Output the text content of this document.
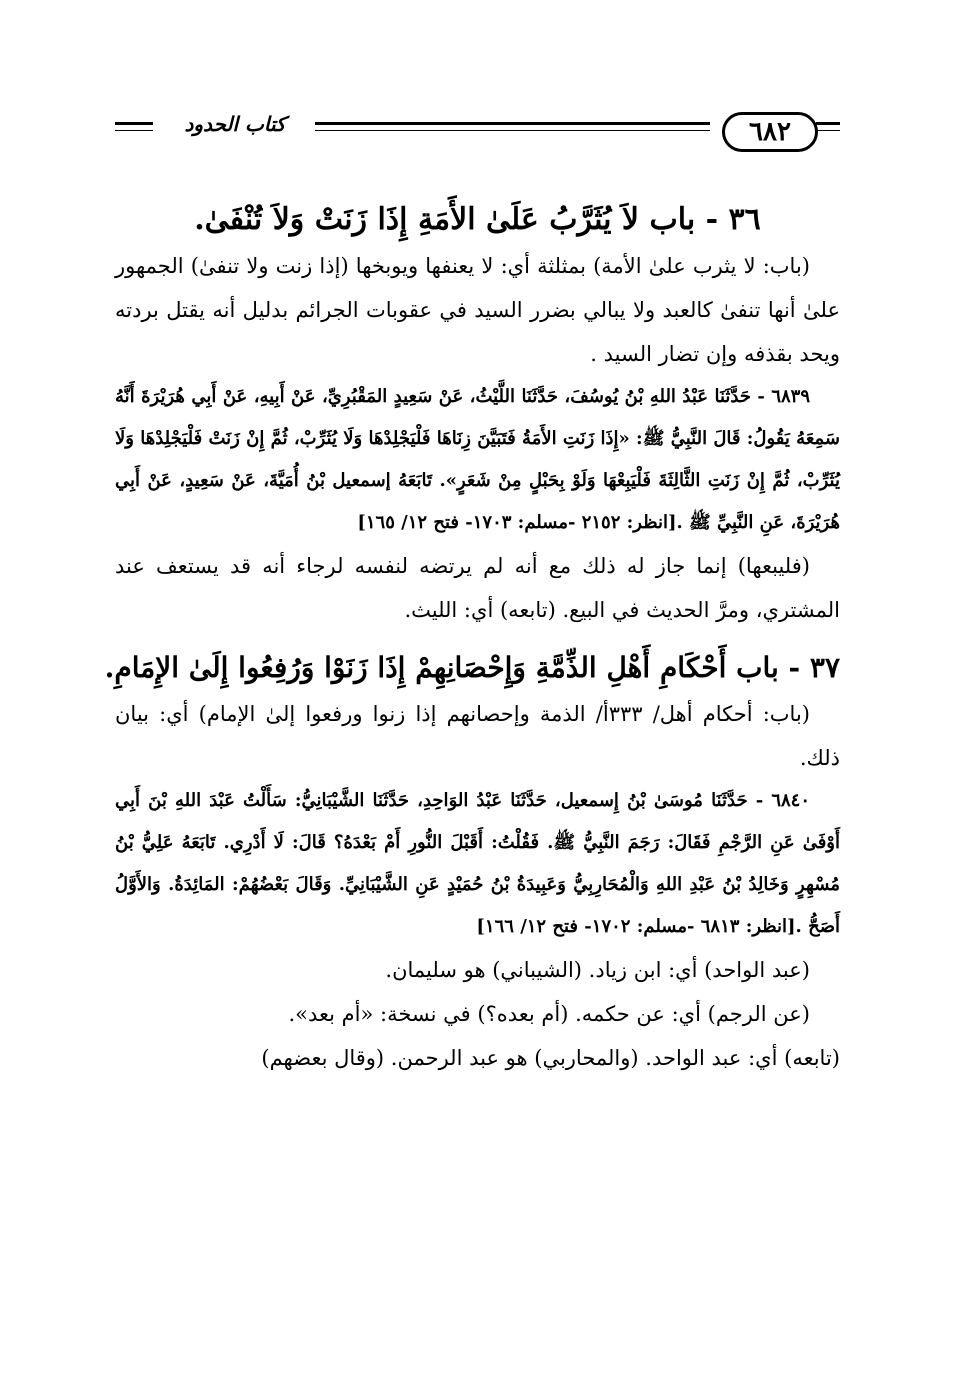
كتاب الحدود	٦٨٢
٣٦ - باب لاَ يُثَرَّبُ عَلَىٰ الأَمَةِ إِذَا زَنَتْ وَلاَ تُنْفَىٰ.

(باب: لا يثرب علىٰ الأمة) بمثلثة أي: لا يعنفها ويوبخها (إذا زنت ولا تنفىٰ) الجمهور علىٰ أنها تنفىٰ كالعبد ولا يبالي بضرر السيد في عقوبات الجرائم بدليل أنه يقتل بردته ويحد بقذفه وإن تضار السيد .

٦٨٣٩ - حَدَّثَنَا عَبْدُ اللهِ بْنُ يُوسُفَ، حَدَّثَنَا اللَّيْثُ، عَنْ سَعِيدٍ المَقْبُرِيِّ، عَنْ أَبِيهِ، عَنْ أَبِي هُرَيْرَةَ أَنَّهُ سَمِعَهُ يَقُولُ: قَالَ النَّبِيُّ ﷺ: «إِذَا زَنَتِ الأَمَةُ فَتَبَيَّنَ زِنَاهَا فَلْيَجْلِدْهَا وَلَا يُثَرِّبْ، ثُمَّ إِنْ زَنَتْ فَلْيَجْلِدْهَا وَلَا يُثَرِّبْ، ثُمَّ إِنْ زَنَتِ الثَّالِثَةَ فَلْيَبِعْهَا وَلَوْ بِحَبْلٍ مِنْ شَعَرٍ». تَابَعَهُ إسمعيل بْنُ أُمَيَّةَ، عَنْ سَعِيدٍ، عَنْ أَبِي هُرَيْرَةَ، عَنِ النَّبِيِّ ﷺ .[انظر: ٢١٥٢ -مسلم: ١٧٠٣- فتح ١٢/ ١٦٥]

(فليبعها) إنما جاز له ذلك مع أنه لم يرتضه لنفسه لرجاء أنه قد يستعف عند المشتري، ومرَّ الحديث في البيع. (تابعه) أي: الليث.

٣٧ - باب أَحْكَامِ أَهْلِ الذِّمَّةِ وَإِحْصَانِهِمْ إِذَا زَنَوْا وَرُفِعُوا إِلَىٰ الإِمَامِ.

(باب: أحكام أهل/ ٣٣٣أ/ الذمة وإحصانهم إذا زنوا ورفعوا إلىٰ الإمام) أي: بيان ذلك.

٦٨٤٠ - حَدَّثَنَا مُوسَىٰ بْنُ إِسمعيل، حَدَّثَنَا عَبْدُ الوَاحِدِ، حَدَّثَنَا الشَّيْبَانِيُّ: سَأَلْتُ عَبْدَ اللهِ بْنَ أَبِي أَوْفَىٰ عَنِ الرَّجْمِ فَقَالَ: رَجَمَ النَّبِيُّ ﷺ. فَقُلْتُ: أَقَبْلَ النُّورِ أَمْ بَعْدَهُ؟ قَالَ: لَا أَدْرِي. تَابَعَهُ عَلِيُّ بْنُ مُسْهِرٍ وَخَالِدُ بْنُ عَبْدِ اللهِ وَالْمُحَارِبِيُّ وَعَبِيدَةُ بْنُ حُمَيْدٍ عَنِ الشَّيْبَانِيِّ. وَقَالَ بَعْضُهُمْ: المَائِدَةُ. وَالأَوَّلُ أَصَحُّ .[انظر: ٦٨١٣ -مسلم: ١٧٠٢- فتح ١٢/ ١٦٦]

(عبد الواحد) أي: ابن زياد. (الشيباني) هو سليمان.

(عن الرجم) أي: عن حكمه. (أم بعده؟) في نسخة: «أم بعد».

(تابعه) أي: عبد الواحد. (والمحاربي) هو عبد الرحمن. (وقال بعضهم)
